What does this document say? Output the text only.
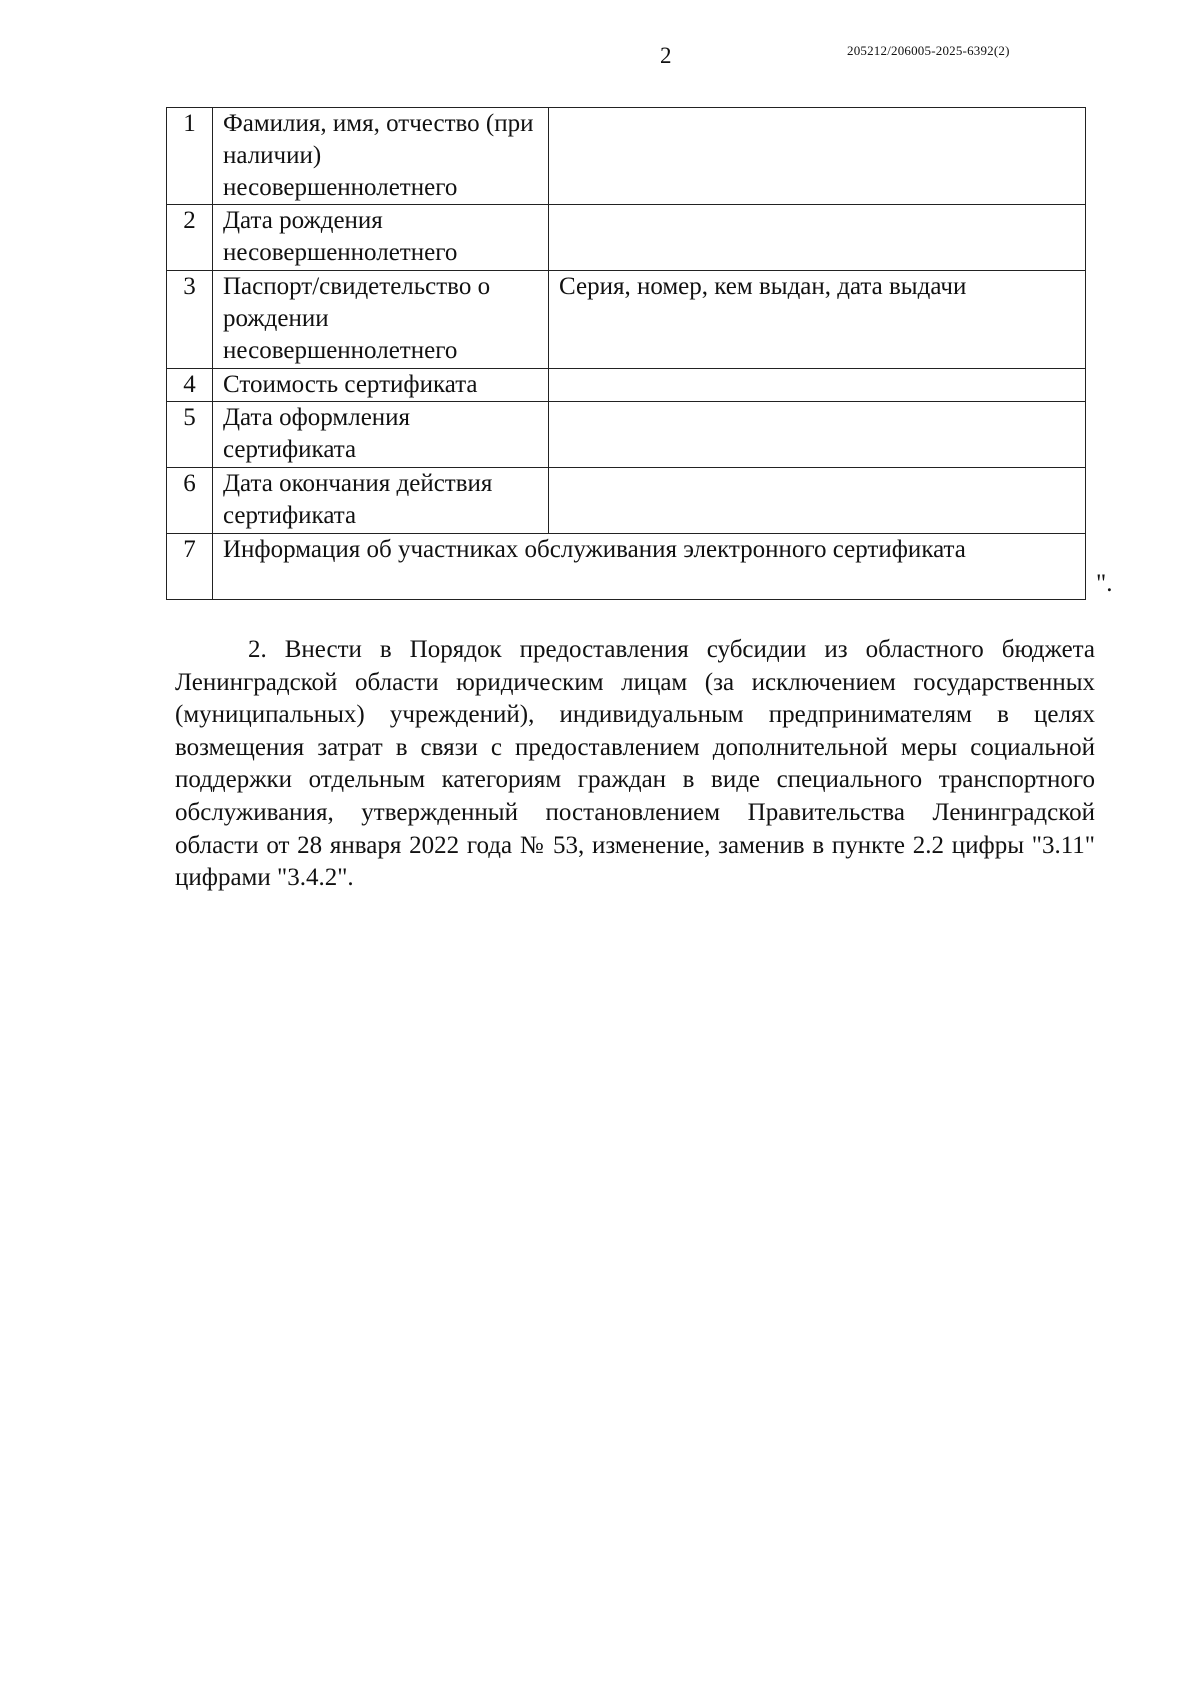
2	205212/206005-2025-6392(2)
1	Фамилия, имя, отчество (при наличии) несовершеннолетнего	
2	Дата рождения несовершеннолетнего	
3	Паспорт/свидетельство о рождении несовершеннолетнего	Серия, номер, кем выдан, дата выдачи
4	Стоимость сертификата	
5	Дата оформления сертификата	
6	Дата окончания действия сертификата	
7	Информация об участниках обслуживания электронного сертификата	
".

2. Внести в Порядок предоставления субсидии из областного бюджета Ленинградской области юридическим лицам (за исключением государственных (муниципальных) учреждений), индивидуальным предпринимателям в целях возмещения затрат в связи с предоставлением дополнительной меры социальной поддержки отдельным категориям граждан в виде специального транспортного обслуживания, утвержденный постановлением Правительства Ленинградской области от 28 января 2022 года № 53, изменение, заменив в пункте 2.2 цифры "3.11" цифрами "3.4.2".
